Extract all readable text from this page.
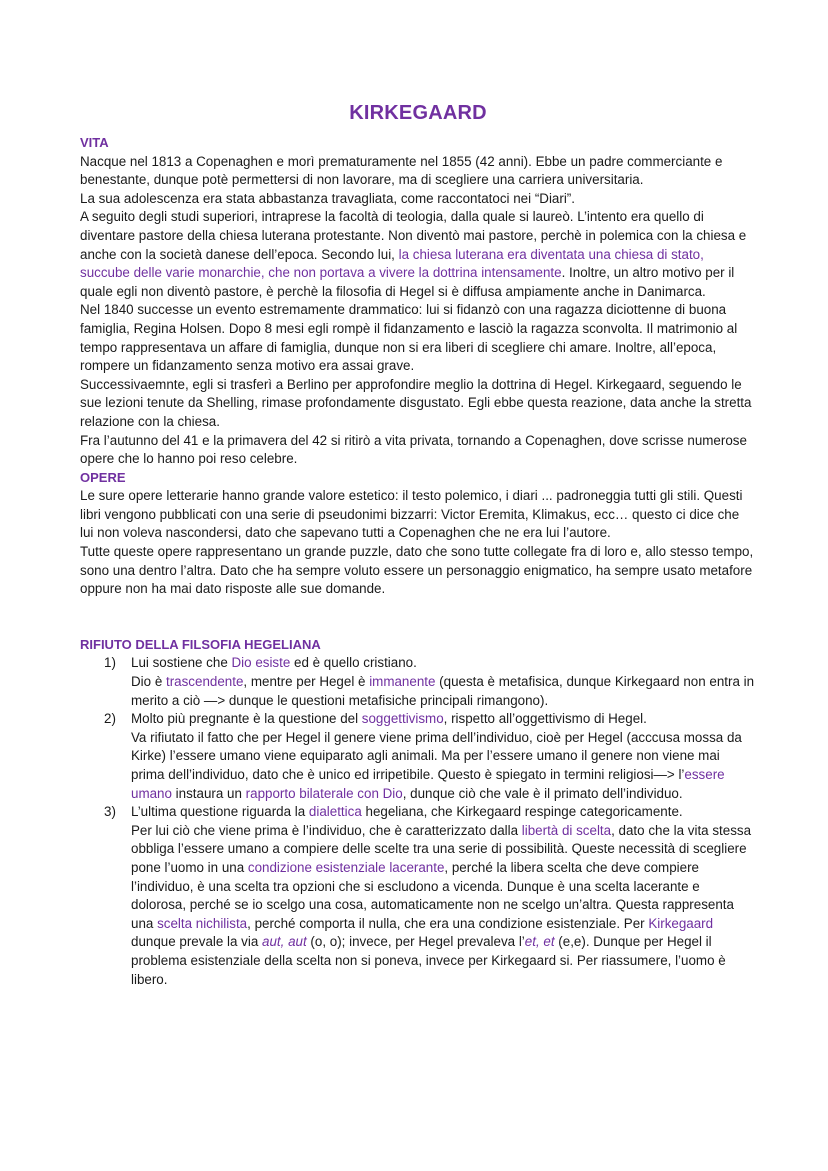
KIRKEGAARD
VITA

Nacque nel 1813 a Copenaghen e morì prematuramente nel 1855 (42 anni). Ebbe un padre commerciante e benestante, dunque potè permettersi di non lavorare, ma di scegliere una carriera universitaria.

La sua adolescenza era stata abbastanza travagliata, come raccontatoci nei “Diari”.

A seguito degli studi superiori, intraprese la facoltà di teologia, dalla quale si laureò. L’intento era quello di diventare pastore della chiesa luterana protestante. Non diventò mai pastore, perchè in polemica con la chiesa e anche con la società danese dell’epoca. Secondo lui, la chiesa luterana era diventata una chiesa di stato, succube delle varie monarchie, che non portava a vivere la dottrina intensamente. Inoltre, un altro motivo per il quale egli non diventò pastore, è perchè la filosofia di Hegel si è diffusa ampiamente anche in Danimarca.

Nel 1840 successe un evento estremamente drammatico: lui si fidanzò con una ragazza diciottenne di buona famiglia, Regina Holsen. Dopo 8 mesi egli rompè il fidanzamento e lasciò la ragazza sconvolta. Il matrimonio al tempo rappresentava un affare di famiglia, dunque non si era liberi di scegliere chi amare. Inoltre, all’epoca, rompere un fidanzamento senza motivo era assai grave.

Successivaemnte, egli si trasferì a Berlino per approfondire meglio la dottrina di Hegel. Kirkegaard, seguendo le sue lezioni tenute da Shelling, rimase profondamente disgustato. Egli ebbe questa reazione, data anche la stretta relazione con la chiesa.

Fra l’autunno del 41 e la primavera del 42 si ritirò a vita privata, tornando a Copenaghen, dove scrisse numerose opere che lo hanno poi reso celebre.

OPERE

Le sure opere letterarie hanno grande valore estetico: il testo polemico, i diari ... padroneggia tutti gli stili. Questi libri vengono pubblicati con una serie di pseudonimi bizzarri: Victor Eremita, Klimakus, ecc… questo ci dice che lui non voleva nascondersi, dato che sapevano tutti a Copenaghen che ne era lui l’autore.

Tutte queste opere rappresentano un grande puzzle, dato che sono tutte collegate fra di loro e, allo stesso tempo, sono una dentro l’altra. Dato che ha sempre voluto essere un personaggio enigmatico, ha sempre usato metafore oppure non ha mai dato risposte alle sue domande.

RIFIUTO DELLA FILSOFIA HEGELIANA
1) Lui sostiene che Dio esiste ed è quello cristiano.
Dio è trascendente, mentre per Hegel è immanente (questa è metafisica, dunque Kirkegaard non entra in merito a ciò —> dunque le questioni metafisiche principali rimangono).
2) Molto più pregnante è la questione del soggettivismo, rispetto all’oggettivismo di Hegel.
Va rifiutato il fatto che per Hegel il genere viene prima dell’individuo, cioè per Hegel (acccusa mossa da Kirke) l’essere umano viene equiparato agli animali. Ma per l’essere umano il genere non viene mai prima dell’individuo, dato che è unico ed irripetibile. Questo è spiegato in termini religiosi—> l’essere umano instaura un rapporto bilaterale con Dio, dunque ciò che vale è il primato dell’individuo.
3) L’ultima questione riguarda la dialettica hegeliana, che Kirkegaard respinge categoricamente.
Per lui ciò che viene prima è l’individuo, che è caratterizzato dalla libertà di scelta, dato che la vita stessa obbliga l’essere umano a compiere delle scelte tra una serie di possibilità. Queste necessità di scegliere pone l’uomo in una condizione esistenziale lacerante, perché la libera scelta che deve compiere l’individuo, è una scelta tra opzioni che si escludono a vicenda. Dunque è una scelta lacerante e dolorosa, perché se io scelgo una cosa, automaticamente non ne scelgo un’altra. Questa rappresenta una scelta nichilista, perché comporta il nulla, che era una condizione esistenziale. Per Kirkegaard dunque prevale la via aut, aut (o, o); invece, per Hegel prevaleva l’et, et (e,e). Dunque per Hegel il problema esistenziale della scelta non si poneva, invece per Kirkegaard si. Per riassumere, l’uomo è libero.
